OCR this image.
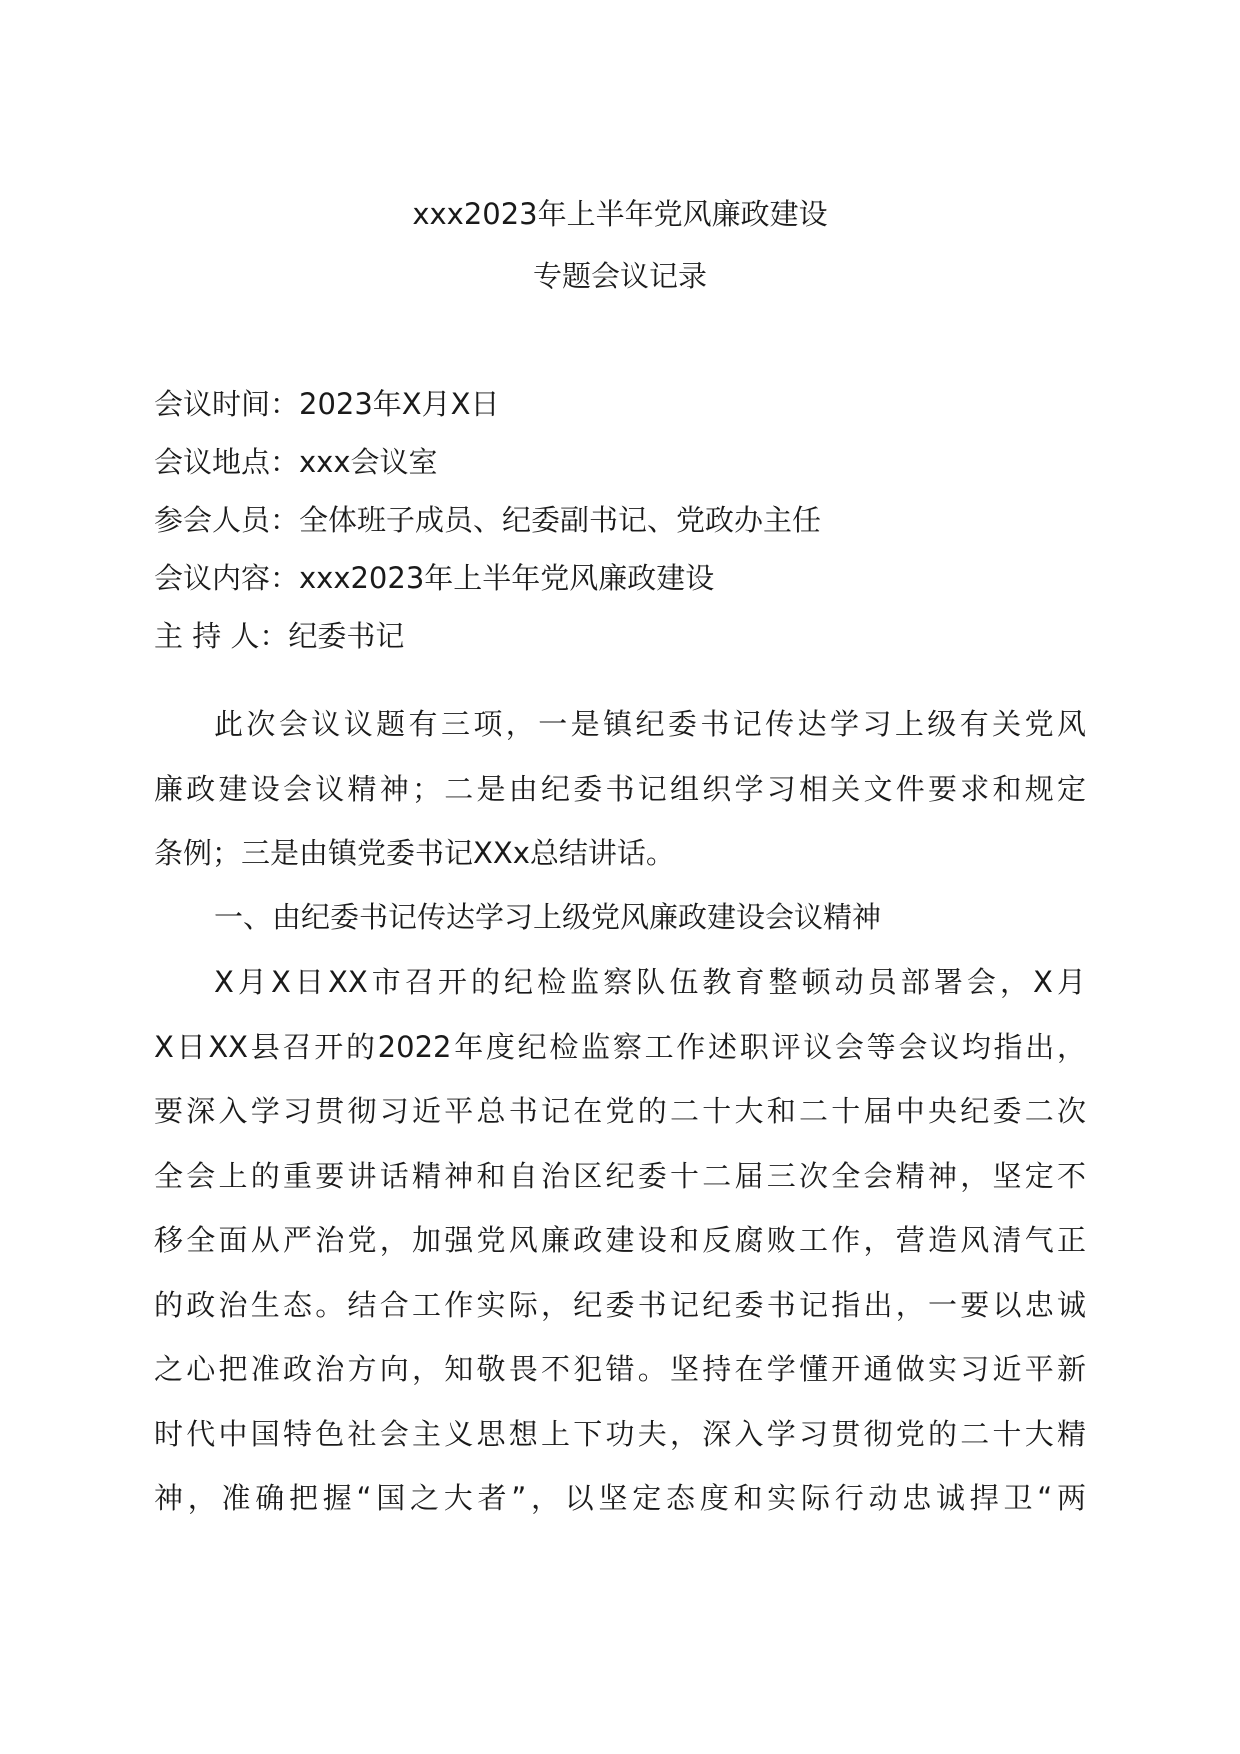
xxx2023年上半年党风廉政建设
专题会议记录
会议时间：2023年X月X日
会议地点：xxx会议室
参会人员：全体班子成员、纪委副书记、党政办主任
会议内容：xxx2023年上半年党风廉政建设
主 持 人：纪委书记
此次会议议题有三项，一是镇纪委书记传达学习上级有关党风
廉政建设会议精神；二是由纪委书记组织学习相关文件要求和规定
条例；三是由镇党委书记XXx总结讲话。
一、由纪委书记传达学习上级党风廉政建设会议精神
X月X日XX市召开的纪检监察队伍教育整顿动员部署会，X月
X日XX县召开的2022年度纪检监察工作述职评议会等会议均指出，
要深入学习贯彻习近平总书记在党的二十大和二十届中央纪委二次
全会上的重要讲话精神和自治区纪委十二届三次全会精神，坚定不
移全面从严治党，加强党风廉政建设和反腐败工作，营造风清气正
的政治生态。结合工作实际，纪委书记纪委书记指出，一要以忠诚
之心把准政治方向，知敬畏不犯错。坚持在学懂开通做实习近平新
时代中国特色社会主义思想上下功夫，深入学习贯彻党的二十大精
神，准确把握“国之大者”，以坚定态度和实际行动忠诚捍卫“两
